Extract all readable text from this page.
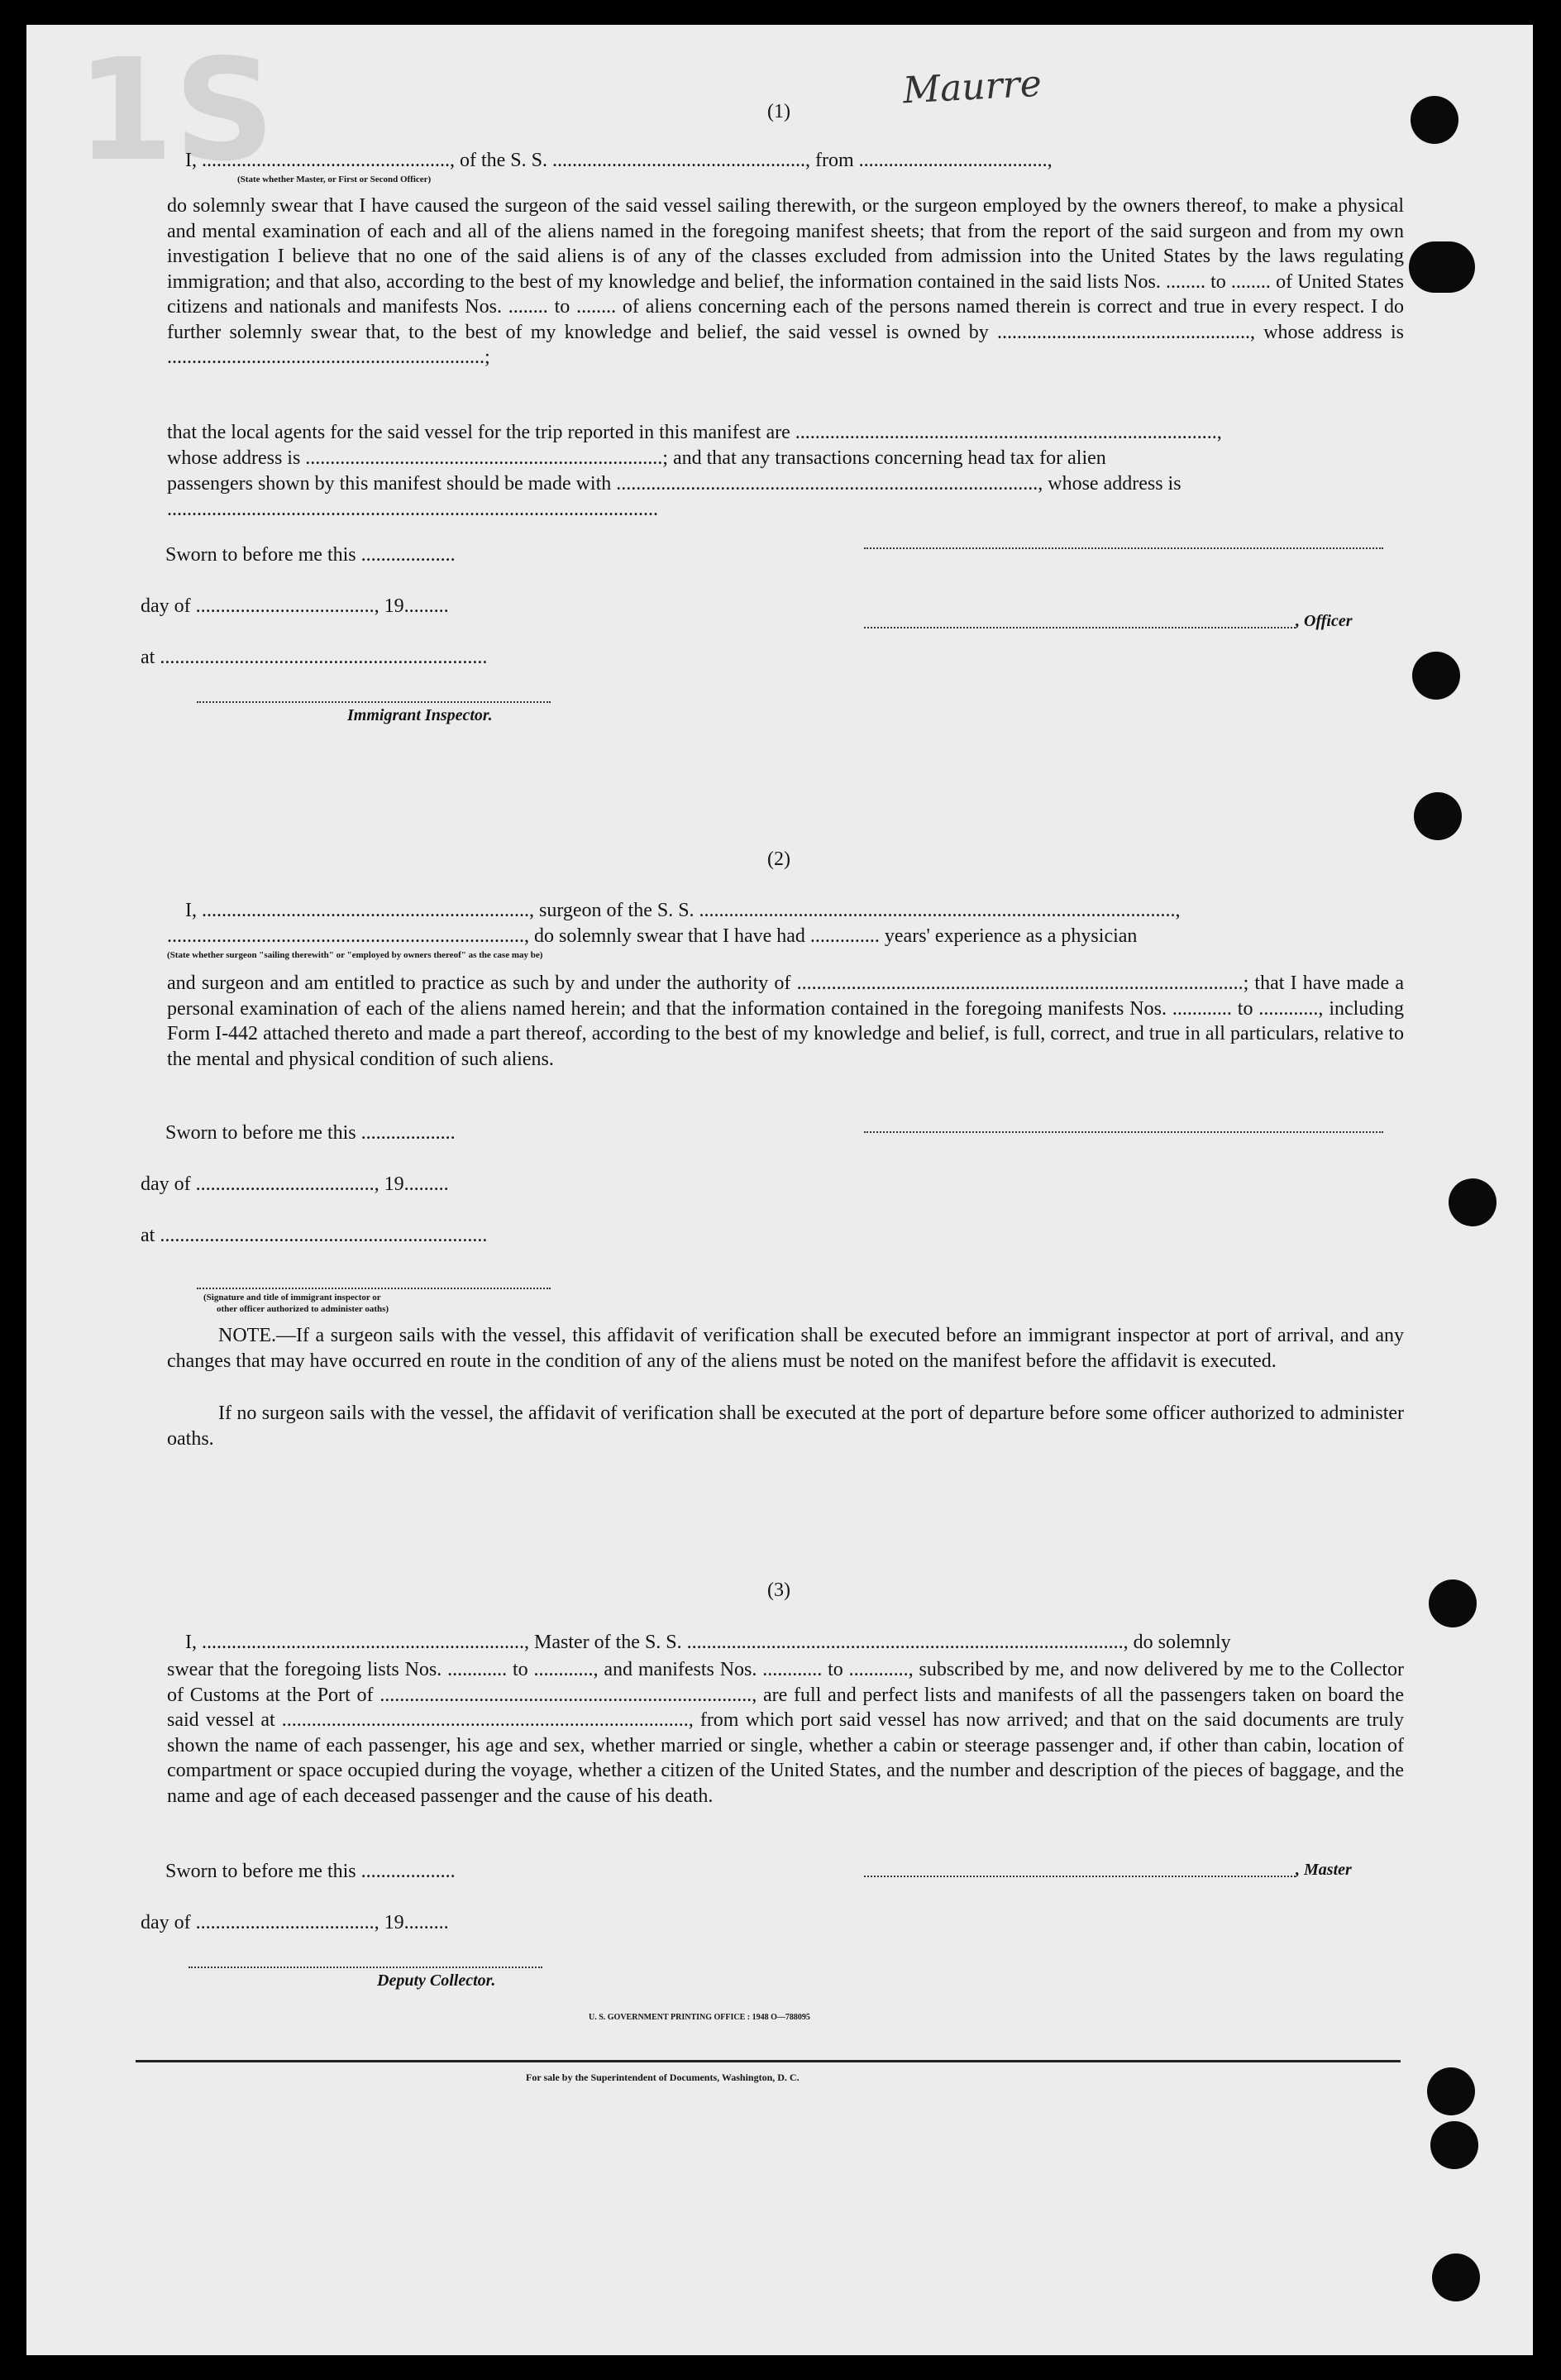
1S	Maurre
(1)
I, .................................................., of the S. S. ..................................................., from ......................................,
(State whether Master, or First or Second Officer)
do solemnly swear that I have caused the surgeon of the said vessel sailing therewith, or the surgeon employed by the owners thereof, to make a physical and mental examination of each and all of the aliens named in the foregoing manifest sheets; that from the report of the said surgeon and from my own investigation I believe that no one of the said aliens is of any of the classes excluded from admission into the United States by the laws regulating immigration; and that also, according to the best of my knowledge and belief, the information contained in the said lists Nos. ........ to ........ of United States citizens and nationals and manifests Nos. ........ to ........ of aliens concerning each of the persons named therein is correct and true in every respect. I do further solemnly swear that, to the best of my knowledge and belief, the said vessel is owned by ..................................................., whose address is ................................................................;
that the local agents for the said vessel for the trip reported in this manifest are .....................................................................................,
whose address is ........................................................................; and that any transactions concerning head tax for alien
passengers shown by this manifest should be made with ....................................................................................., whose address is
...................................................................................................
Sworn to before me this ...................
day of ...................................., 19.........
at ..................................................................
Immigrant Inspector.
, Officer
(2)
I, .................................................................., surgeon of the S. S. ................................................................................................,
........................................................................, do solemnly swear that I have had .............. years' experience as a physician
(State whether surgeon "sailing therewith" or "employed by owners thereof" as the case may be)
and surgeon and am entitled to practice as such by and under the authority of ..........................................................................................; that I have made a personal examination of each of the aliens named herein; and that the information contained in the foregoing manifests Nos. ............ to ............, including Form I-442 attached thereto and made a part thereof, according to the best of my knowledge and belief, is full, correct, and true in all particulars, relative to the mental and physical condition of such aliens.
Sworn to before me this ...................
day of ...................................., 19.........
at ..................................................................
(Signature and title of immigrant inspector or
other officer authorized to administer oaths)
NOTE.—If a surgeon sails with the vessel, this affidavit of verification shall be executed before an immigrant inspector at port of arrival, and any changes that may have occurred en route in the condition of any of the aliens must be noted on the manifest before the affidavit is executed.
If no surgeon sails with the vessel, the affidavit of verification shall be executed at the port of departure before some officer authorized to administer oaths.
(3)
I, ................................................................., Master of the S. S. ........................................................................................, do solemnly
swear that the foregoing lists Nos. ............ to ............, and manifests Nos. ............ to ............, subscribed by me, and now delivered by me to the Collector of Customs at the Port of ..........................................................................., are full and perfect lists and manifests of all the passengers taken on board the said vessel at .................................................................................., from which port said vessel has now arrived; and that on the said documents are truly shown the name of each passenger, his age and sex, whether married or single, whether a cabin or steerage passenger and, if other than cabin, location of compartment or space occupied during the voyage, whether a citizen of the United States, and the number and description of the pieces of baggage, and the name and age of each deceased passenger and the cause of his death.
Sworn to before me this ...................	, Master
day of ...................................., 19.........
Deputy Collector.
U. S. GOVERNMENT PRINTING OFFICE : 1948 O—788095
For sale by the Superintendent of Documents, Washington, D. C.
